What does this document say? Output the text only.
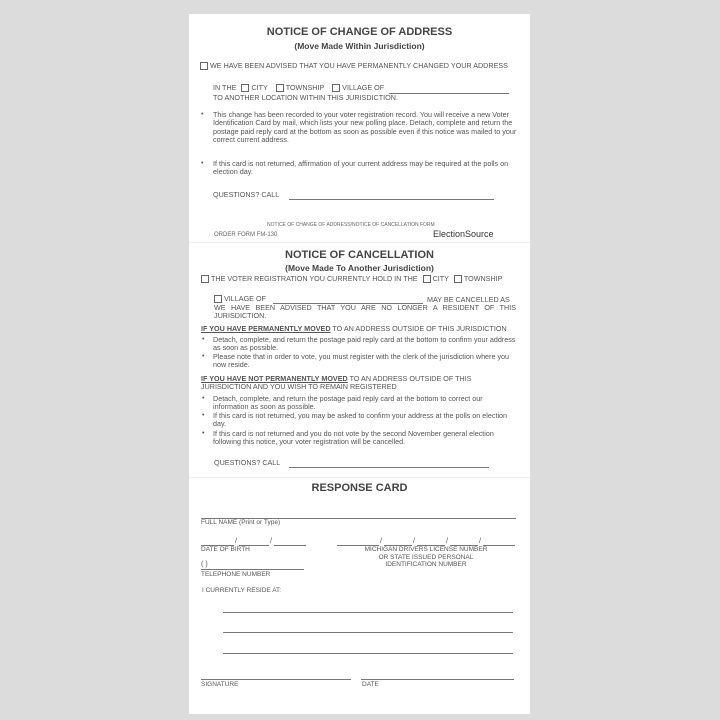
NOTICE OF CHANGE OF ADDRESS
(Move Made Within Jurisdiction)
WE HAVE BEEN ADVISED THAT YOU HAVE PERMANENTLY CHANGED YOUR ADDRESS
IN THE CITY	TOWNSHIP	VILLAGE OF
TO ANOTHER LOCATION WITHIN THIS JURISDICTION.
• This change has been recorded to your voter registration record. You will receive a new Voter Identification Card by mail, which lists your new polling place. Detach, complete and return the postage paid reply card at the bottom as soon as possible even if this notice was mailed to your correct current address.
• If this card is not returned, affirmation of your current address may be required at the polls on election day.
QUESTIONS? CALL
NOTICE OF CHANGE OF ADDRESS/NOTICE OF CANCELLATION FORM
ORDER FORM FM-130	ElectionSource
NOTICE OF CANCELLATION
(Move Made To Another Jurisdiction)
THE VOTER REGISTRATION YOU CURRENTLY HOLD IN THE CITY TOWNSHIP
VILLAGE OF	MAY BE CANCELLED AS
WE HAVE BEEN ADVISED THAT YOU ARE NO LONGER A RESIDENT OF THIS JURISDICTION.
IF YOU HAVE PERMANENTLY MOVED TO AN ADDRESS OUTSIDE OF THIS JURISDICTION
• Detach, complete, and return the postage paid reply card at the bottom to confirm your address as soon as possible.
• Please note that in order to vote, you must register with the clerk of the jurisdiction where you now reside.
IF YOU HAVE NOT PERMANENTLY MOVED TO AN ADDRESS OUTSIDE OF THIS JURISDICTION AND YOU WISH TO REMAIN REGISTERED
• Detach, complete, and return the postage paid reply card at the bottom to correct our information as soon as possible.
• If this card is not returned, you may be asked to confirm your address at the polls on election day.
• If this card is not returned and you do not vote by the second November general election following this notice, your voter registration will be cancelled.
QUESTIONS? CALL
RESPONSE CARD
FULL NAME (Print or Type)
/	/
DATE OF BIRTH
/	/	/	/
MICHIGAN DRIVERS LICENSE NUMBER
OR STATE ISSUED PERSONAL
IDENTIFICATION NUMBER
( )
TELEPHONE NUMBER
I CURRENTLY RESIDE AT:
SIGNATURE	DATE
